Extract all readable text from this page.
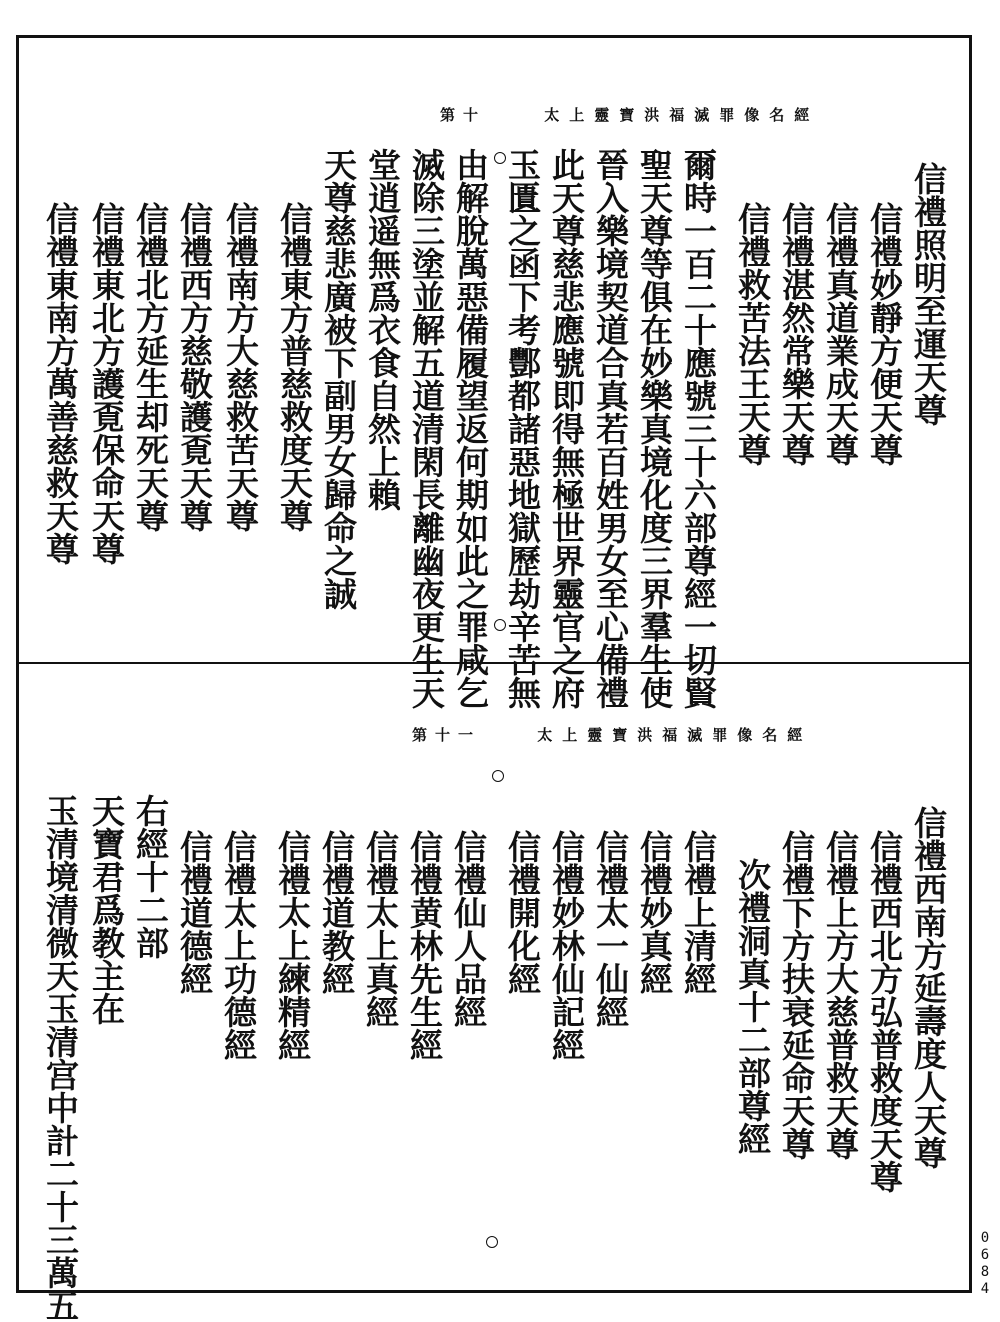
第十	太上靈寶洪福滅罪像名經
信禮照明至運天尊
信禮妙靜方便天尊
信禮真道業成天尊
信禮湛然常樂天尊
信禮救苦法王天尊
爾時一百二十應號三十六部尊經一切賢
聖天尊等俱在妙樂真境化度三界羣生使
晉入樂境契道合真若百姓男女至心備禮
此天尊慈悲應號即得無極世界靈官之府
玉匱之函下考酆都諸惡地獄歷劫辛苦無
由解脫萬惡備履望返何期如此之罪咸乞
滅除三塗並解五道清閑長離幽夜更生天
堂逍遥無爲衣食自然上賴
天尊慈悲廣被下副男女歸命之誠
信禮東方普慈救度天尊
信禮南方大慈救苦天尊
信禮西方慈敬護覔天尊
信禮北方延生却死天尊
信禮東北方護覔保命天尊
信禮東南方萬善慈救天尊
第十一	太上靈寶洪福滅罪像名經
信禮西南方延壽度人天尊
信禮西北方弘普救度天尊
信禮上方大慈普救天尊
信禮下方扶衰延命天尊
次禮洞真十二部尊經
信禮上清經
信禮妙真經
信禮太一仙經
信禮妙林仙記經
信禮開化經
信禮仙人品經
信禮黄林先生經
信禮太上真經
信禮道教經
信禮太上練精經
信禮太上功德經
信禮道德經
右經十二部
天寶君爲教主在
玉清境清微天玉清宫中計二十三萬五	0684
